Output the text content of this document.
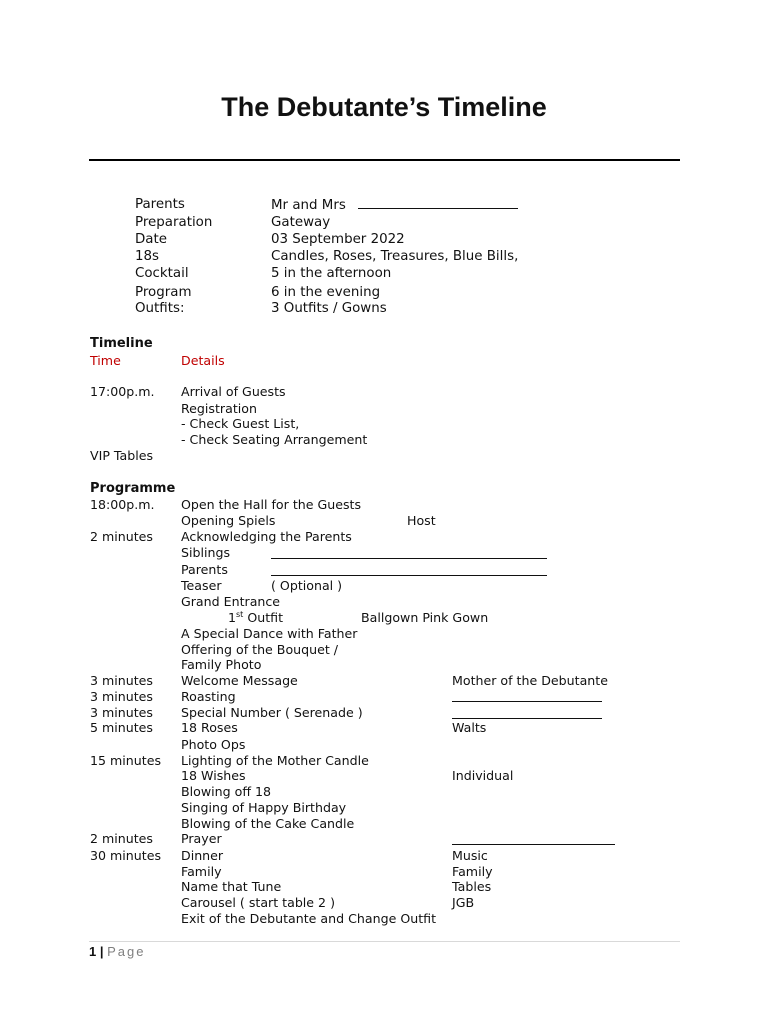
The Debutante’s Timeline
Parents	Mr and Mrs
Preparation	Gateway
Date	03 September 2022
18s	Candles, Roses, Treasures, Blue Bills,
Cocktail	5 in the afternoon
Program	6 in the evening
Outfits:	3 Outfits / Gowns
Timeline
Time	Details
17:00p.m. Arrival of Guests
Registration
- Check Guest List,
- Check Seating Arrangement
VIP Tables
Programme
18:00p.m. Open the Hall for the Guests
Opening Spiels	Host
2 minutes Acknowledging the Parents
Siblings
Parents
Teaser	( Optional )
Grand Entrance
1st Outfit	Ballgown Pink Gown
A Special Dance with Father
Offering of the Bouquet /
Family Photo
3 minutes Welcome Message	Mother of the Debutante
3 minutes Roasting
3 minutes Special Number ( Serenade )
5 minutes 18 Roses	Walts
Photo Ops
15 minutes Lighting of the Mother Candle
18 Wishes	Individual
Blowing off 18
Singing of Happy Birthday
Blowing of the Cake Candle
2 minutes Prayer
30 minutes Dinner	Music
Family	Family
Name that Tune	Tables
Carousel ( start table 2 )	JGB
Exit of the Debutante and Change Outfit
1 | Page
